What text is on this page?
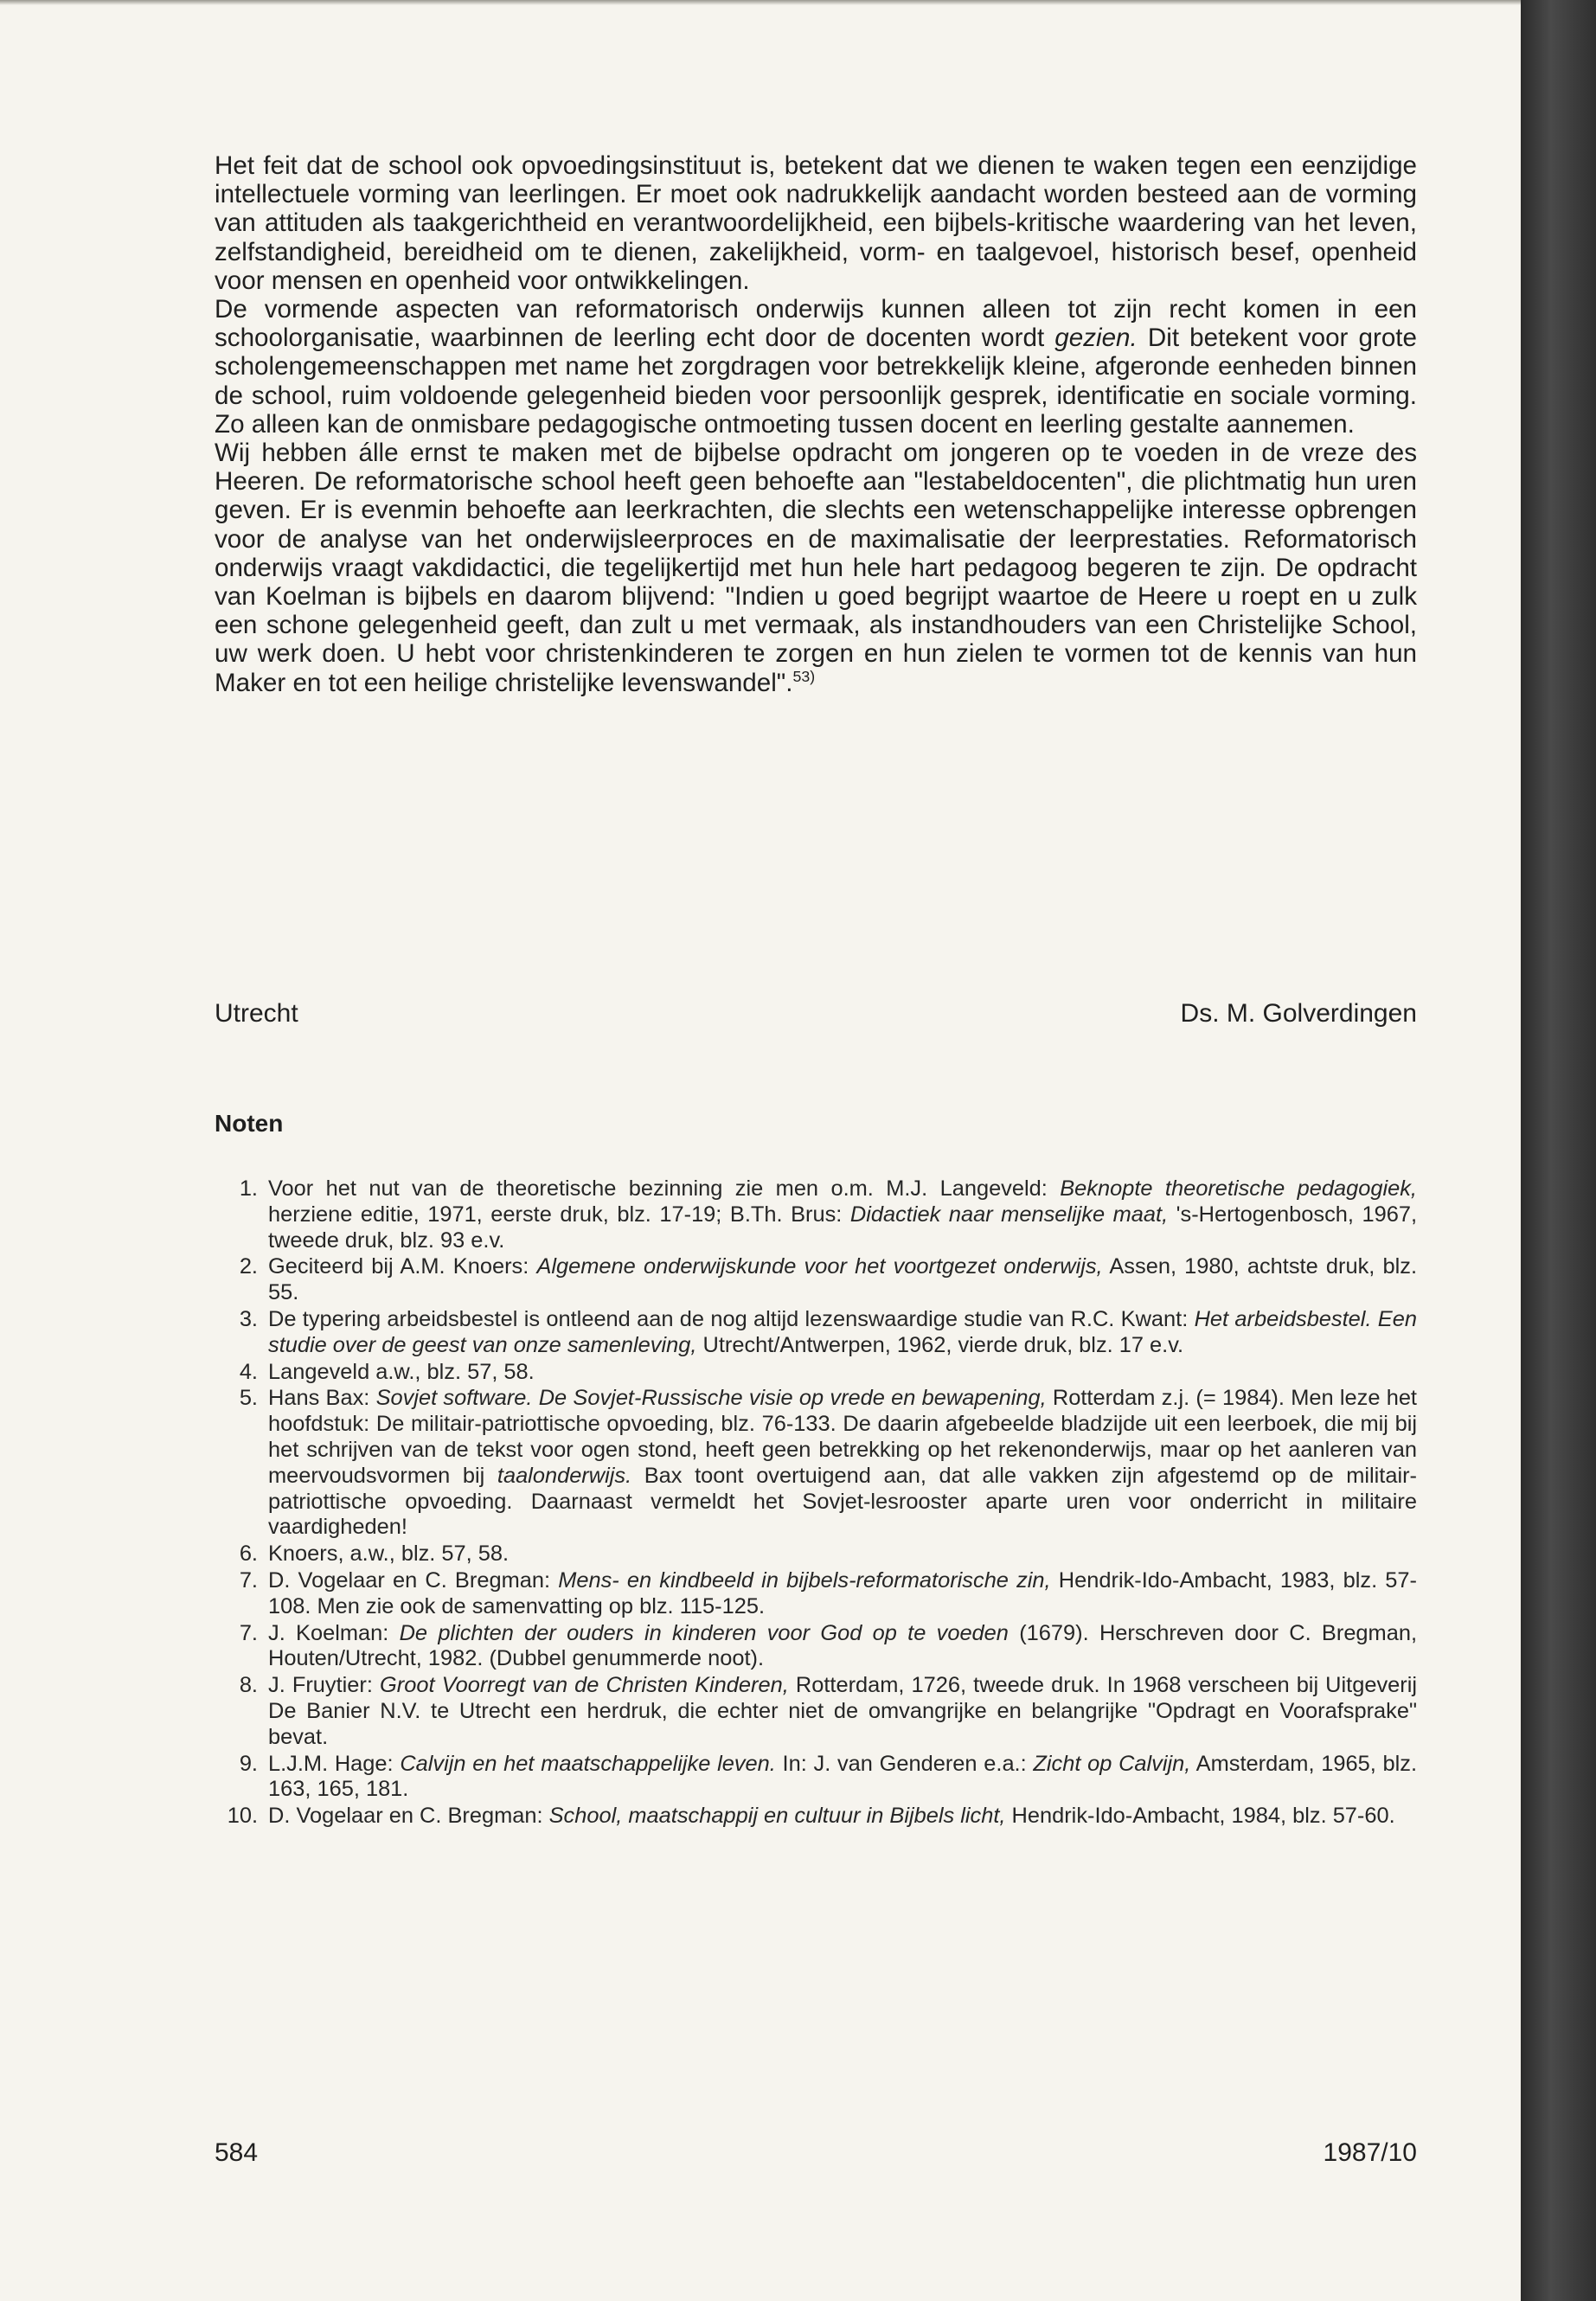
Het feit dat de school ook opvoedingsinstituut is, betekent dat we dienen te waken tegen een eenzijdige intellectuele vorming van leerlingen. Er moet ook nadrukkelijk aandacht worden besteed aan de vorming van attituden als taakgerichtheid en verantwoordelijkheid, een bijbels-kritische waardering van het leven, zelfstandigheid, bereidheid om te dienen, zakelijkheid, vorm- en taalgevoel, historisch besef, openheid voor mensen en openheid voor ontwikkelingen.

De vormende aspecten van reformatorisch onderwijs kunnen alleen tot zijn recht komen in een schoolorganisatie, waarbinnen de leerling echt door de docenten wordt gezien. Dit betekent voor grote scholengemeenschappen met name het zorgdragen voor betrekkelijk kleine, afgeronde eenheden binnen de school, ruim voldoende gelegenheid bieden voor persoonlijk gesprek, identificatie en sociale vorming. Zo alleen kan de onmisbare pedagogische ontmoeting tussen docent en leerling gestalte aannemen.

Wij hebben álle ernst te maken met de bijbelse opdracht om jongeren op te voeden in de vreze des Heeren. De reformatorische school heeft geen behoefte aan "lestabeldocenten", die plichtmatig hun uren geven. Er is evenmin behoefte aan leerkrachten, die slechts een wetenschappelijke interesse opbrengen voor de analyse van het onderwijsleerproces en de maximalisatie der leerprestaties. Reformatorisch onderwijs vraagt vakdidactici, die tegelijkertijd met hun hele hart pedagoog begeren te zijn. De opdracht van Koelman is bijbels en daarom blijvend: "Indien u goed begrijpt waartoe de Heere u roept en u zulk een schone gelegenheid geeft, dan zult u met vermaak, als instandhouders van een Christelijke School, uw werk doen. U hebt voor christenkinderen te zorgen en hun zielen te vormen tot de kennis van hun Maker en tot een heilige christelijke levenswandel".$^{53)}$

Utrecht	Ds. M. Golverdingen
Noten
1. Voor het nut van de theoretische bezinning zie men o.m. M.J. Langeveld: Beknopte theoretische pedagogiek, herziene editie, 1971, eerste druk, blz. 17-19; B.Th. Brus: Didactiek naar menselijke maat, 's-Hertogenbosch, 1967, tweede druk, blz. 93 e.v.
2. Geciteerd bij A.M. Knoers: Algemene onderwijskunde voor het voortgezet onderwijs, Assen, 1980, achtste druk, blz. 55.
3. De typering arbeidsbestel is ontleend aan de nog altijd lezenswaardige studie van R.C. Kwant: Het arbeidsbestel. Een studie over de geest van onze samenleving, Utrecht/Antwerpen, 1962, vierde druk, blz. 17 e.v.
4. Langeveld a.w., blz. 57, 58.
5. Hans Bax: Sovjet software. De Sovjet-Russische visie op vrede en bewapening, Rotterdam z.j. (= 1984). Men leze het hoofdstuk: De militair-patriottische opvoeding, blz. 76-133. De daarin afgebeelde bladzijde uit een leerboek, die mij bij het schrijven van de tekst voor ogen stond, heeft geen betrekking op het rekenonderwijs, maar op het aanleren van meervoudsvormen bij taalonderwijs. Bax toont overtuigend aan, dat alle vakken zijn afgestemd op de militair-patriottische opvoeding. Daarnaast vermeldt het Sovjet-lesrooster aparte uren voor onderricht in militaire vaardigheden!
6. Knoers, a.w., blz. 57, 58.
7. D. Vogelaar en C. Bregman: Mens- en kindbeeld in bijbels-reformatorische zin, Hendrik-Ido-Ambacht, 1983, blz. 57-108. Men zie ook de samenvatting op blz. 115-125.
7. J. Koelman: De plichten der ouders in kinderen voor God op te voeden (1679). Herschreven door C. Bregman, Houten/Utrecht, 1982. (Dubbel genummerde noot).
8. J. Fruytier: Groot Voorregt van de Christen Kinderen, Rotterdam, 1726, tweede druk. In 1968 verscheen bij Uitgeverij De Banier N.V. te Utrecht een herdruk, die echter niet de omvangrijke en belangrijke "Opdragt en Voorafsprake" bevat.
9. L.J.M. Hage: Calvijn en het maatschappelijke leven. In: J. van Genderen e.a.: Zicht op Calvijn, Amsterdam, 1965, blz. 163, 165, 181.
10. D. Vogelaar en C. Bregman: School, maatschappij en cultuur in Bijbels licht, Hendrik-Ido-Ambacht, 1984, blz. 57-60.
584	1987/10
